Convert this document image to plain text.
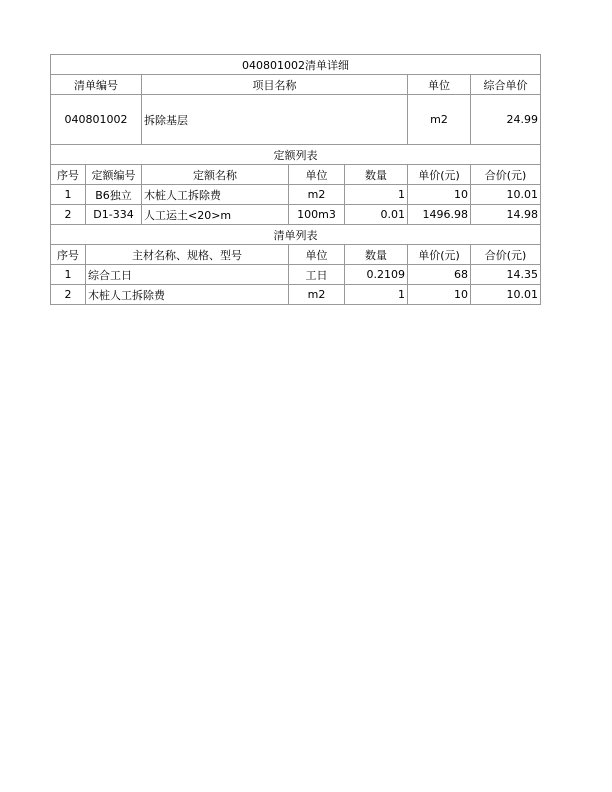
040801002清单详细						
清单编号		项目名称			单位	综合单价
040801002		拆除基层			m2	24.99
定额列表						
序号	定额编号	定额名称	单位	数量	单价(元)	合价(元)
1	B6独立	木桩人工拆除费	m2	1	10	10.01
2	D1-334	人工运土<20>m	100m3	0.01	1496.98	14.98
清单列表						
序号	主材名称、规格、型号		单位	数量	单价(元)	合价(元)
1	综合工日		工日	0.2109	68	14.35
2	木桩人工拆除费		m2	1	10	10.01
